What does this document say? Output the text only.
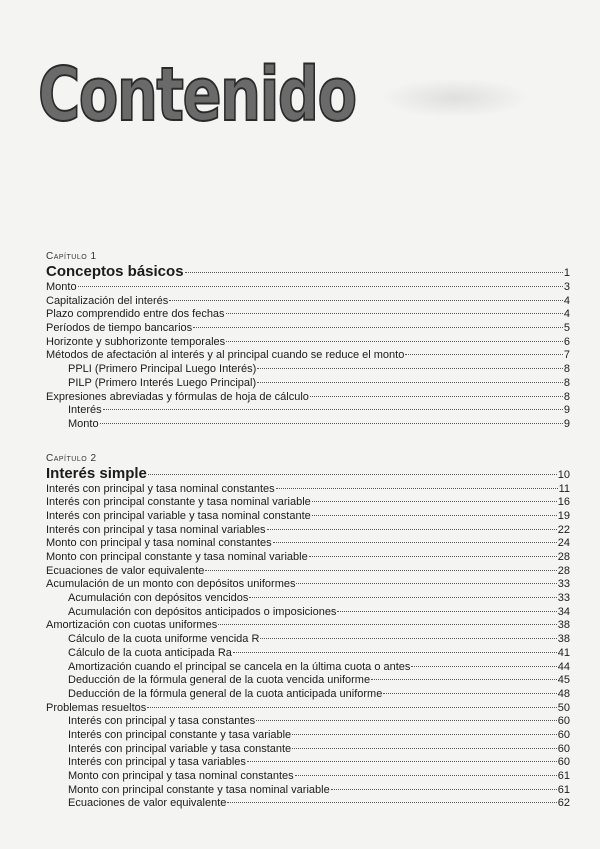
Contenido
Capítulo 1
Conceptos básicos	1
Monto	3
Capitalización del interés	4
Plazo comprendido entre dos fechas	4
Períodos de tiempo bancarios	5
Horizonte y subhorizonte temporales	6
Métodos de afectación al interés y al principal cuando se reduce el monto	7
PPLI (Primero Principal Luego Interés)	8
PILP (Primero Interés Luego Principal)	8
Expresiones abreviadas y fórmulas de hoja de cálculo	8
Interés	9
Monto	9
Capítulo 2
Interés simple	10
Interés con principal y tasa nominal constantes	11
Interés con principal constante y tasa nominal variable	16
Interés con principal variable y tasa nominal constante	19
Interés con principal y tasa nominal variables	22
Monto con principal y tasa nominal constantes	24
Monto con principal constante y tasa nominal variable	28
Ecuaciones de valor equivalente	28
Acumulación de un monto con depósitos uniformes	33
Acumulación con depósitos vencidos	33
Acumulación con depósitos anticipados o imposiciones	34
Amortización con cuotas uniformes	38
Cálculo de la cuota uniforme vencida R	38
Cálculo de la cuota anticipada Ra	41
Amortización cuando el principal se cancela en la última cuota o antes	44
Deducción de la fórmula general de la cuota vencida uniforme	45
Deducción de la fórmula general de la cuota anticipada uniforme	48
Problemas resueltos	50
Interés con principal y tasa constantes	60
Interés con principal constante y tasa variable	60
Interés con principal variable y tasa constante	60
Interés con principal y tasa variables	60
Monto con principal y tasa nominal constantes	61
Monto con principal constante y tasa nominal variable	61
Ecuaciones de valor equivalente	62
